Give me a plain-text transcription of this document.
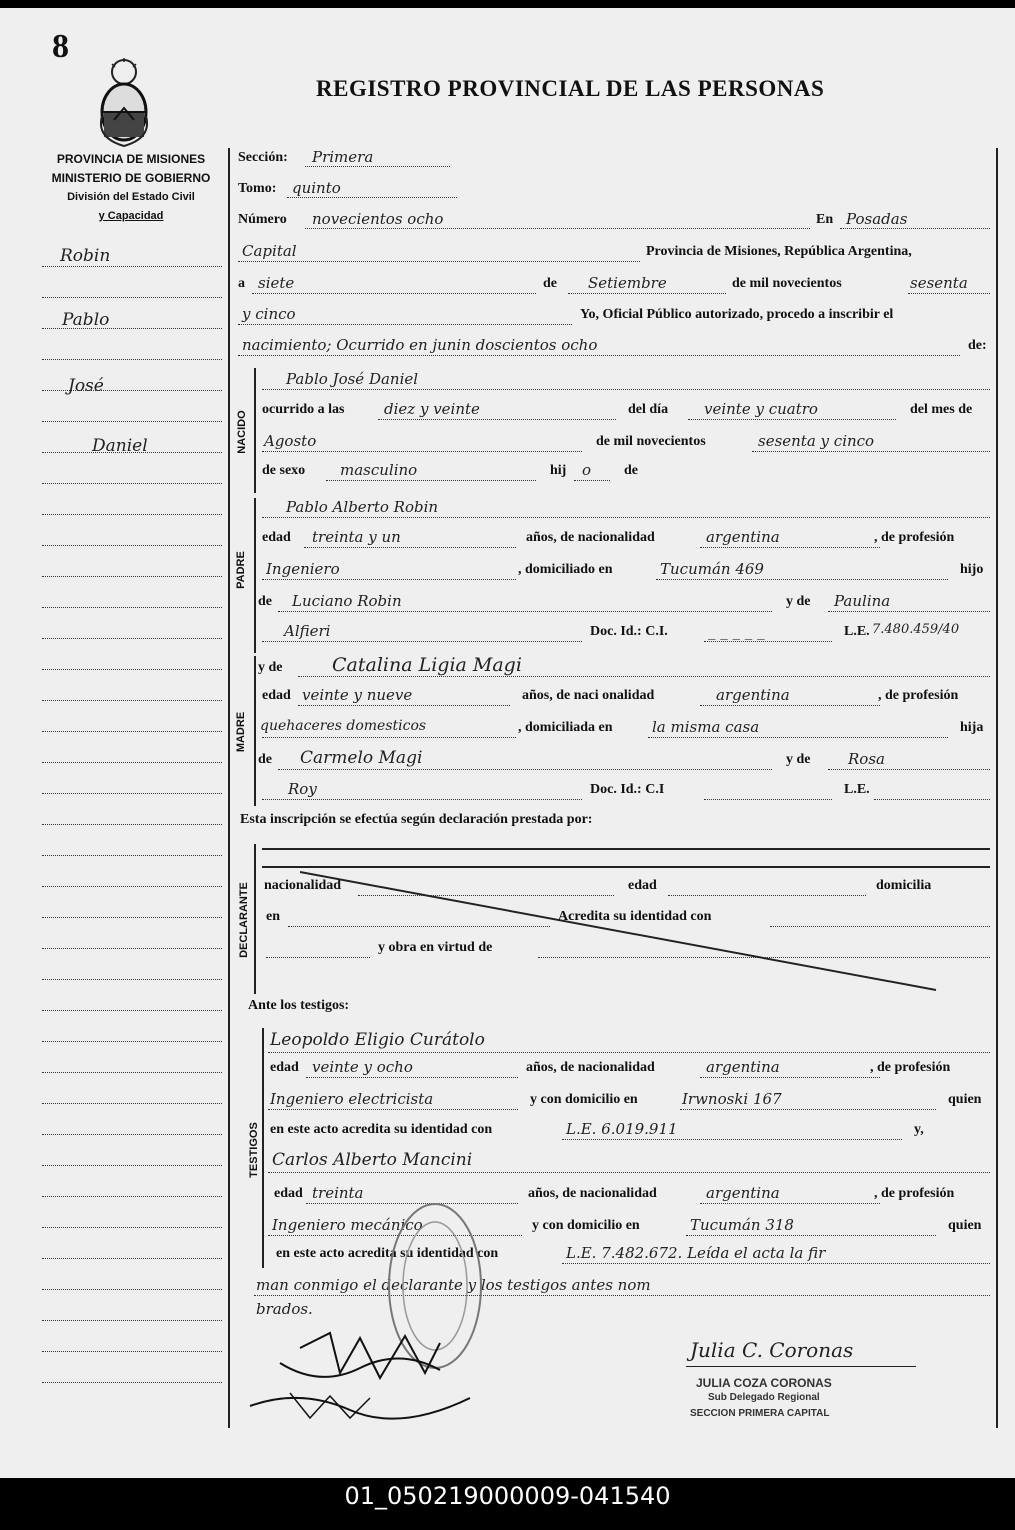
8
REGISTRO PROVINCIAL DE LAS PERSONAS
PROVINCIA DE MISIONES
MINISTERIO DE GOBIERNO
División del Estado Civil
y Capacidad
Robin
Pablo
José
Daniel
Sección: Primera
Tomo: quinto
Número novecientos ocho	En Posadas
Capital	Provincia de Misiones, República Argentina,
a siete	de Setiembre	de mil novecientos	sesenta
y cinco	Yo, Oficial Público autorizado, procedo a inscribir el
nacimiento; Ocurrido en junin doscientos ocho	de:
NACIDO
Pablo José Daniel
ocurrido a las	diez y veinte	del día veinte y cuatro	del mes de
Agosto	de mil novecientos	sesenta y cinco
de sexo masculino	hij o de
PADRE
Pablo Alberto Robin
edad treinta y un	años, de nacionalidad	argentina	, de profesión
Ingeniero	, domiciliado en	Tucumán 469	hijo
de Luciano Robin	y de Paulina
Alfieri	Doc. Id.: C.I.	_ _ _ _ _	L.E. 7.480.459/40
MADRE
y de	Catalina Ligia Magi
edad veinte y nueve	años, de naci onalidad	argentina	, de profesión
quehaceres domesticos	, domiciliada en	la misma casa	hija
de Carmelo Magi	y de	Rosa
Roy	Doc. Id.: C.I	L.E.
Esta inscripción se efectúa según declaración prestada por:
DECLARANTE nacionalidad	edad	domicilia
en	Acredita su identidad con
y obra en virtud de
Ante los testigos:
TESTIGOS
Leopoldo Eligio Curátolo
edad veinte y ocho	años, de nacionalidad	argentina	, de profesión
Ingeniero electricista	y con domicilio en	Irwnoski 167	quien
en este acto acredita su identidad con	L.E. 6.019.911	y,
Carlos Alberto Mancini
edad treinta	años, de nacionalidad	argentina	, de profesión
Ingeniero mecánico	y con domicilio en	Tucumán 318	quien
en este acto acredita su identidad con	L.E. 7.482.672. Leída el acta la fir
man conmigo el declarante y los testigos antes nom
brados.
Julia C. Coronas
JULIA COZA CORONAS
Sub Delegado Regional
SECCION PRIMERA CAPITAL
01_050219000009-041540
